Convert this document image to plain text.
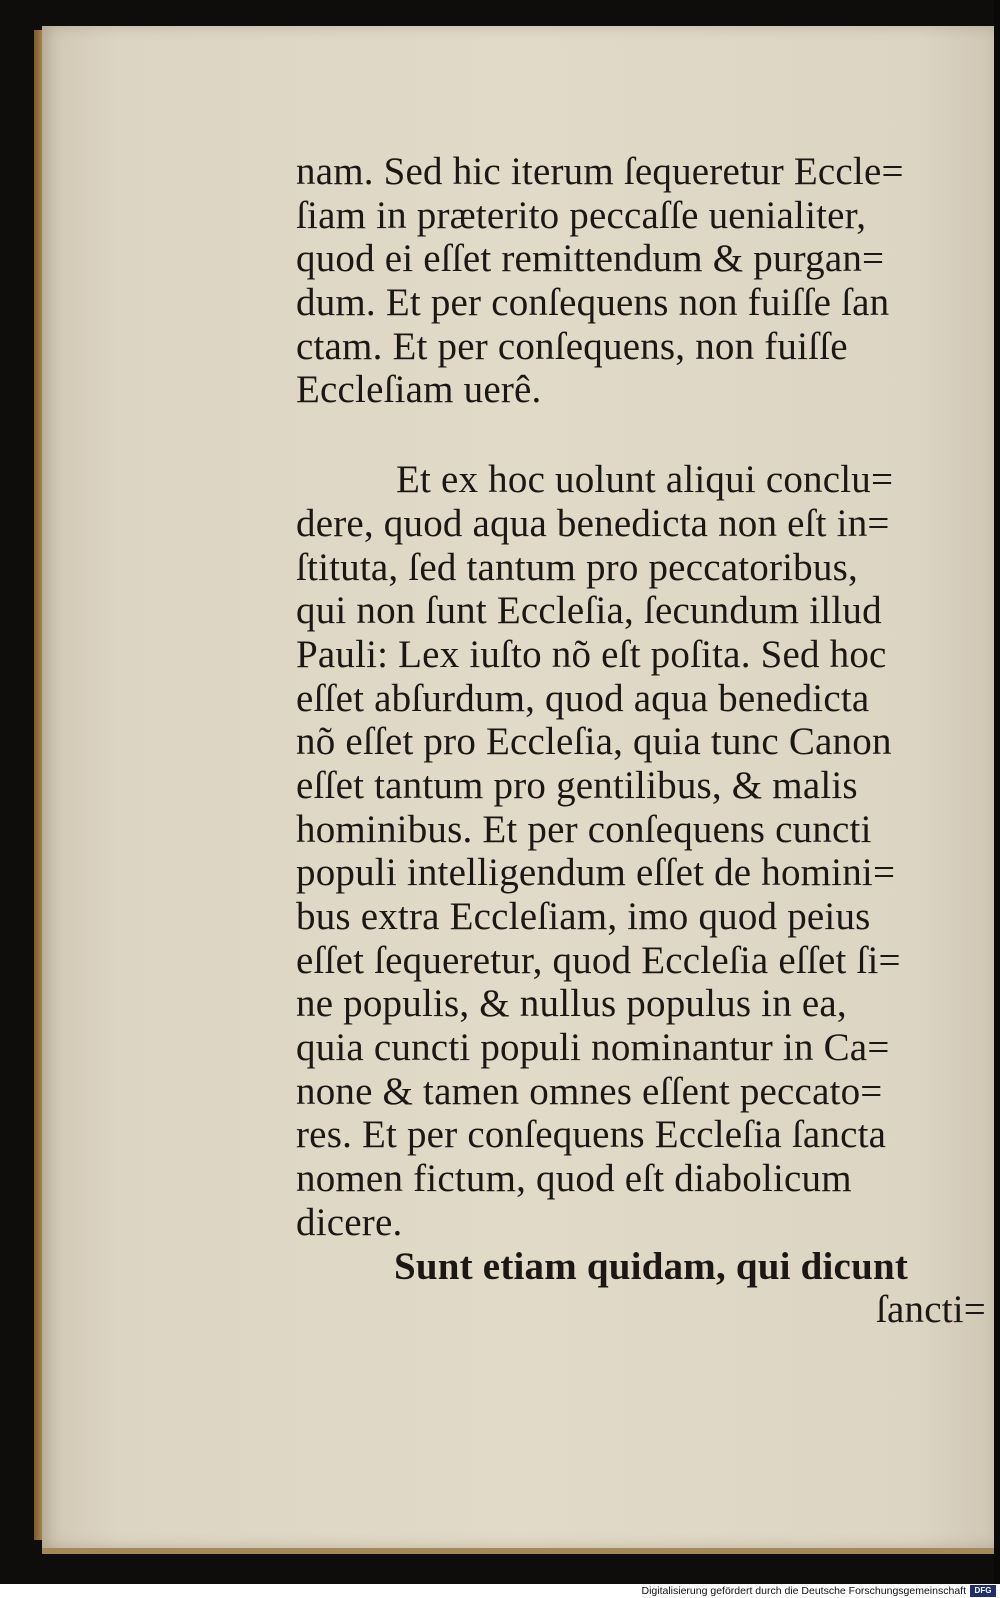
nam. Sed hic iterum ſequeretur Eccle=
ſiam in præterito peccaſſe uenialiter,
quod ei eſſet remittendum & purgan=
dum. Et per conſequens non fuiſſe ſan
ctam. Et per conſequens, non fuiſſe
Eccleſiam uerê.
Et ex hoc uolunt aliqui conclu=
dere, quod aqua benedicta non eſt in=
ſtituta, ſed tantum pro peccatoribus,
qui non ſunt Eccleſia, ſecundum illud
Pauli: Lex iuſto nõ eſt poſita. Sed hoc
eſſet abſurdum, quod aqua benedicta
nõ eſſet pro Eccleſia, quia tunc Canon
eſſet tantum pro gentilibus, & malis
hominibus. Et per conſequens cuncti
populi intelligendum eſſet de homini=
bus extra Eccleſiam, imo quod peius
eſſet ſequeretur, quod Eccleſia eſſet ſi=
ne populis, & nullus populus in ea,
quia cuncti populi nominantur in Ca=
none & tamen omnes eſſent peccato=
res. Et per conſequens Eccleſia ſancta
nomen fictum, quod eſt diabolicum
dicere.
Sunt etiam quidam, qui dicunt
ſancti=
Digitalisierung gefördert durch die Deutsche Forschungsgemeinschaft	DFG
